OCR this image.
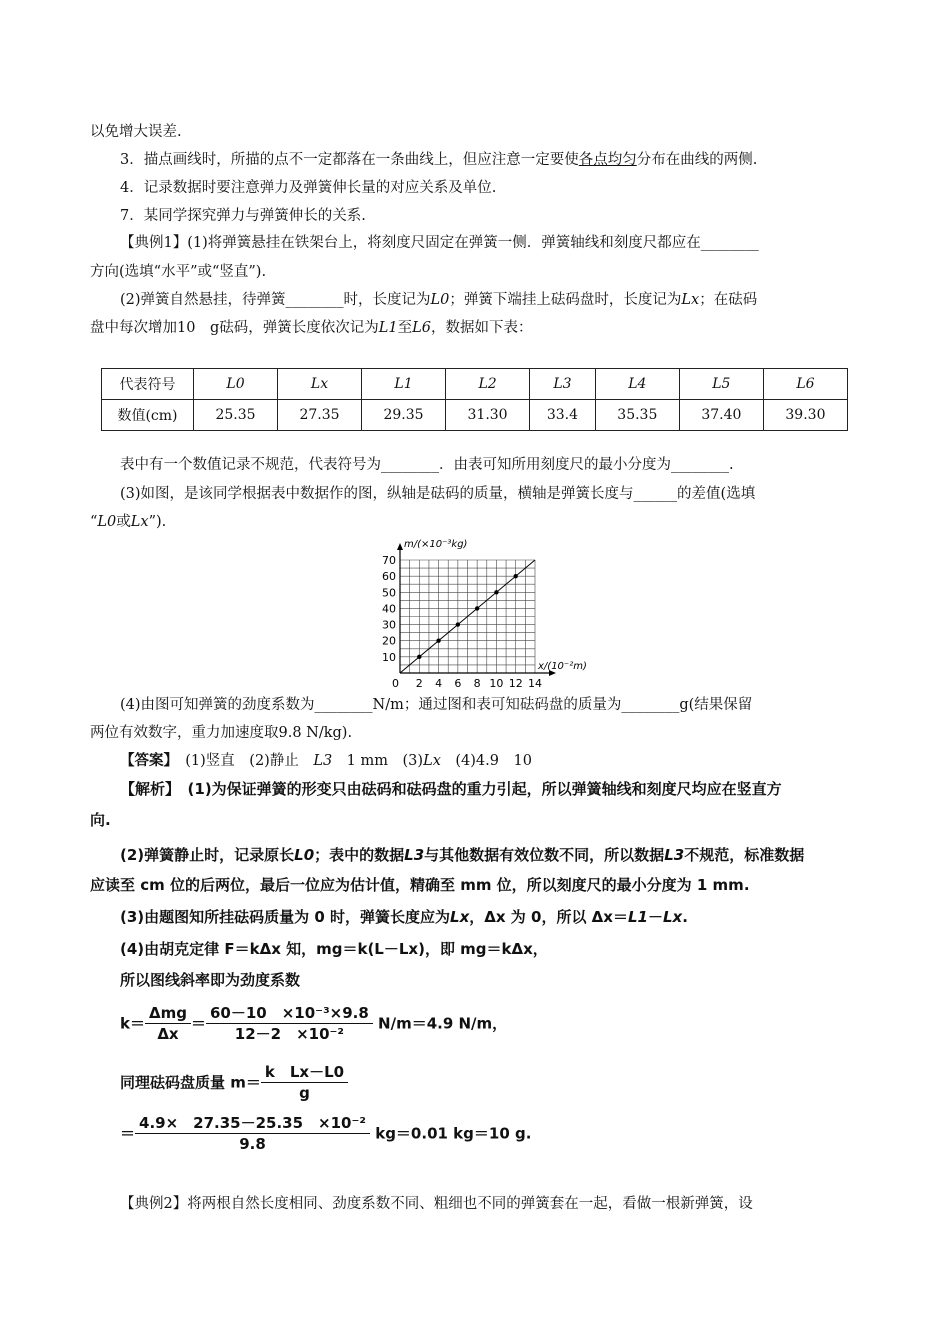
以免增大误差.
3．描点画线时，所描的点不一定都落在一条曲线上，但应注意一定要使各点均匀分布在曲线的两侧.
4．记录数据时要注意弹力及弹簧伸长量的对应关系及单位.
7．某同学探究弹力与弹簧伸长的关系.
【典例1】(1)将弹簧悬挂在铁架台上，将刻度尺固定在弹簧一侧．弹簧轴线和刻度尺都应在________
方向(选填“水平”或“竖直”).
(2)弹簧自然悬挂，待弹簧________时，长度记为L0；弹簧下端挂上砝码盘时，长度记为Lx；在砝码
盘中每次增加10　g砝码，弹簧长度依次记为L1至L6，数据如下表：
代表符号	L0	Lx	L1	L2	L3	L4	L5	L6
数值(cm)	25.35	27.35	29.35	31.30	33.4	35.35	37.40	39.30
表中有一个数值记录不规范，代表符号为________．由表可知所用刻度尺的最小分度为________.
(3)如图，是该同学根据表中数据作的图，纵轴是砝码的质量，横轴是弹簧长度与______的差值(选填
“L0或Lx”).
2 4 6 8 10 12 14
10
20
30
40
50
60
70
m/(×10⁻³kg)
x/(10⁻²m)
0
(4)由图可知弹簧的劲度系数为________N/m；通过图和表可知砝码盘的质量为________g(结果保留
两位有效数字，重力加速度取9.8 N/kg).
【答案】　 (1)竖直　(2)静止　L3　1 mm　(3)Lx　(4)4.9　10
【解析】　 (1)为保证弹簧的形变只由砝码和砝码盘的重力引起，所以弹簧轴线和刻度尺均应在竖直方
向.
(2)弹簧静止时，记录原长L0；表中的数据L3与其他数据有效位数不同，所以数据L3不规范，标准数据
应读至 cm 位的后两位，最后一位应为估计值，精确至 mm 位，所以刻度尺的最小分度为 1 mm.
(3)由题图知所挂砝码质量为 0 时，弹簧长度应为Lx，Δx 为 0，所以 Δx＝L1－Lx.
(4)由胡克定律 F＝kΔx 知，mg＝k(L－Lx)，即 mg＝kΔx，
所以图线斜率即为劲度系数
$k= \frac{\text{Δmg}}{\Delta x} = \frac{\text{60－10　×10⁻³×9.8}}{\text{12－2　×10⁻²}} N/m=4.9$ N/m，
同理砝码盘质量 $m= \frac{\text{k　Lx－L0}}{g}$
＝ $\frac{\text{4.9×　27.35－25.35　×10⁻²}}{9.8} kg=0.01$ kg＝10 g.
【典例2】将两根自然长度相同、劲度系数不同、粗细也不同的弹簧套在一起，看做一根新弹簧，设
